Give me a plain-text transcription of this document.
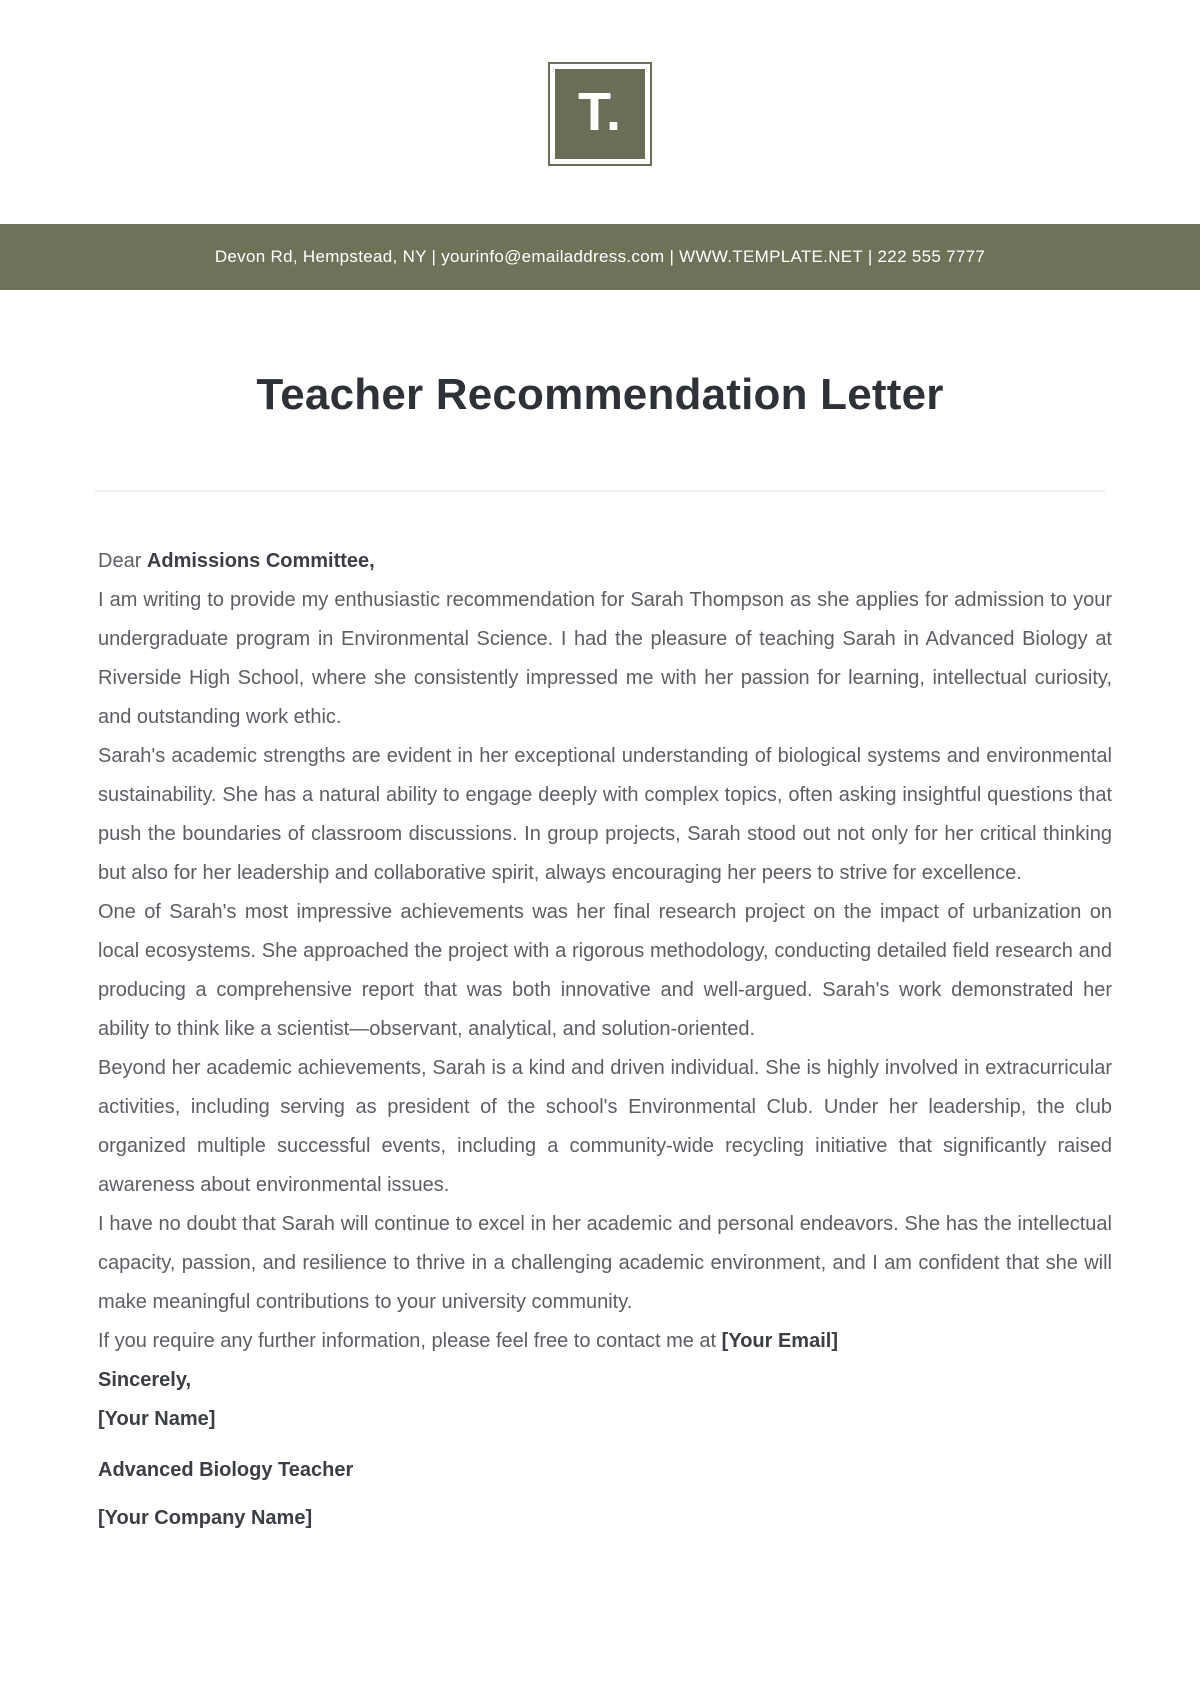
T.
Devon Rd, Hempstead, NY | yourinfo@emailaddress.com | WWW.TEMPLATE.NET | 222 555 7777
Teacher Recommendation Letter

Dear Admissions Committee,

I am writing to provide my enthusiastic recommendation for Sarah Thompson as she applies for admission to your undergraduate program in Environmental Science. I had the pleasure of teaching Sarah in Advanced Biology at Riverside High School, where she consistently impressed me with her passion for learning, intellectual curiosity, and outstanding work ethic.

Sarah's academic strengths are evident in her exceptional understanding of biological systems and environmental sustainability. She has a natural ability to engage deeply with complex topics, often asking insightful questions that push the boundaries of classroom discussions. In group projects, Sarah stood out not only for her critical thinking but also for her leadership and collaborative spirit, always encouraging her peers to strive for excellence.

One of Sarah's most impressive achievements was her final research project on the impact of urbanization on local ecosystems. She approached the project with a rigorous methodology, conducting detailed field research and producing a comprehensive report that was both innovative and well-argued. Sarah's work demonstrated her ability to think like a scientist—observant, analytical, and solution-oriented.

Beyond her academic achievements, Sarah is a kind and driven individual. She is highly involved in extracurricular activities, including serving as president of the school's Environmental Club. Under her leadership, the club organized multiple successful events, including a community-wide recycling initiative that significantly raised awareness about environmental issues.

I have no doubt that Sarah will continue to excel in her academic and personal endeavors. She has the intellectual capacity, passion, and resilience to thrive in a challenging academic environment, and I am confident that she will make meaningful contributions to your university community.

If you require any further information, please feel free to contact me at [Your Email]

Sincerely,

[Your Name]

Advanced Biology Teacher

[Your Company Name]
